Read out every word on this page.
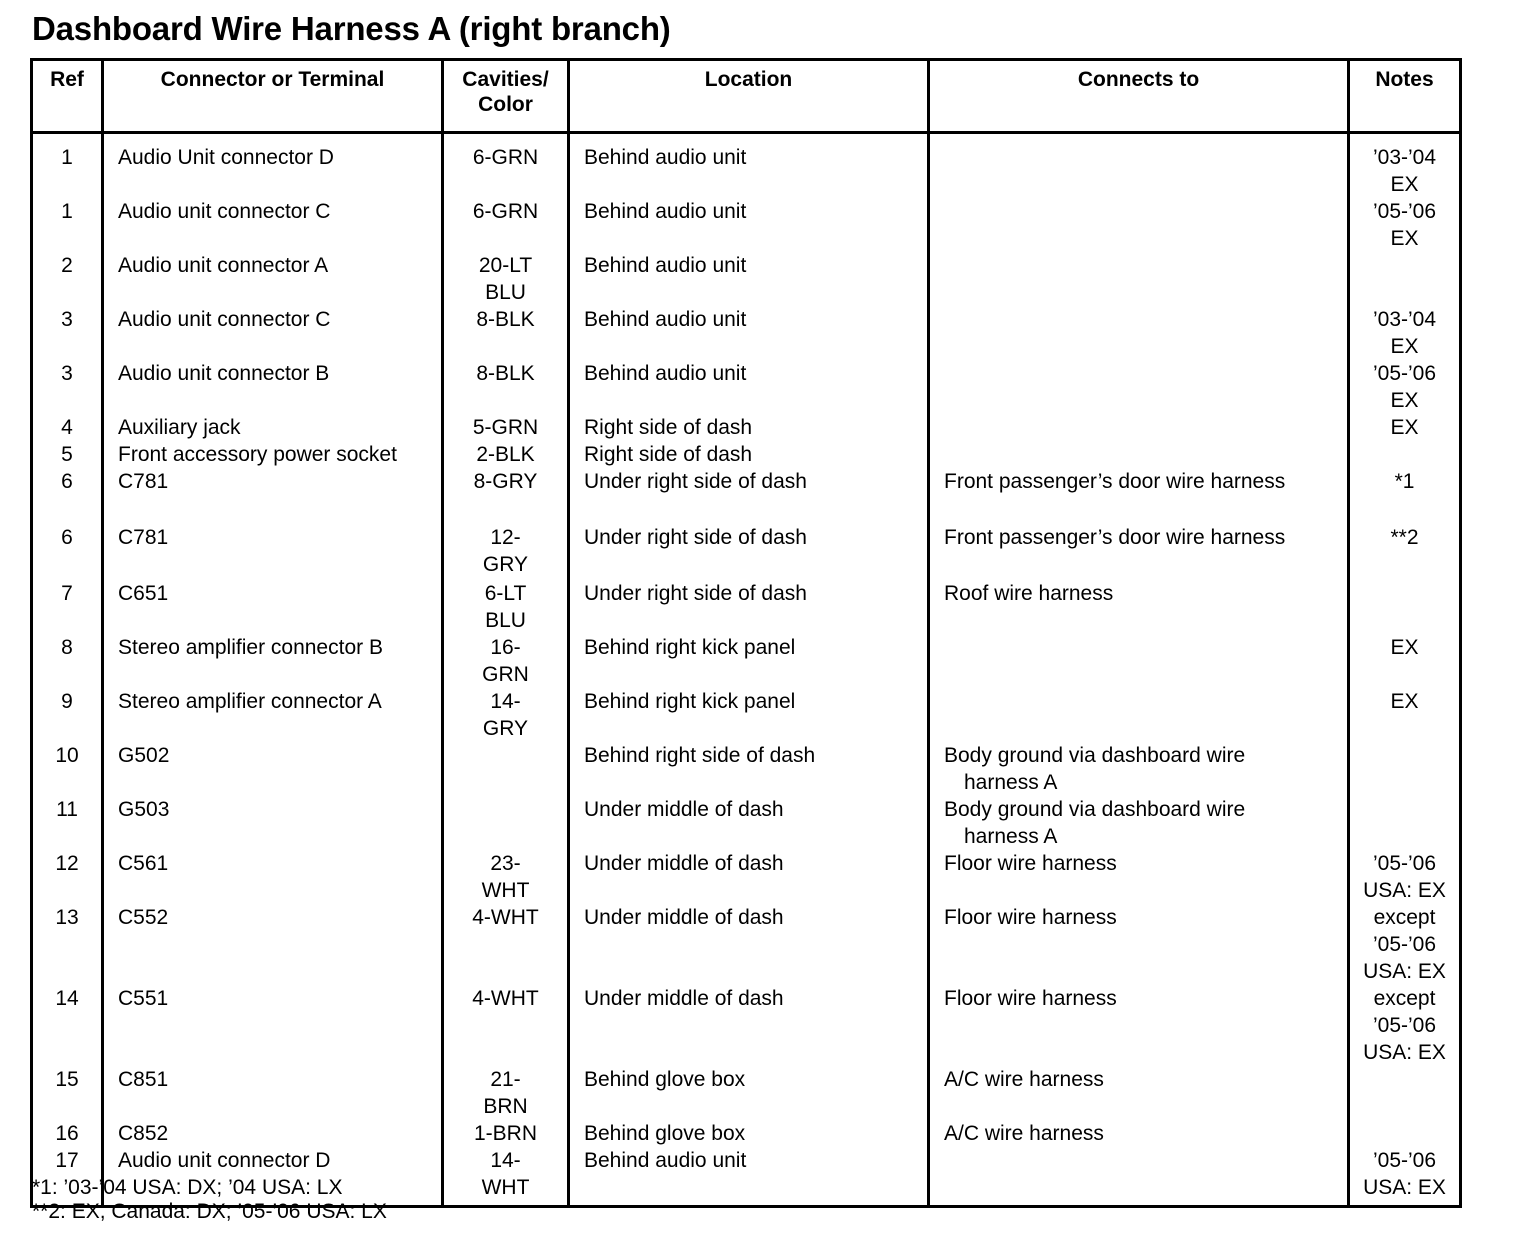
Dashboard Wire Harness A (right branch)
Ref	Connector or Terminal	Cavities/ Color	Location	Connects to	Notes

1	Audio Unit connector D	6-GRN	Behind audio unit		’03-’04 EX

1	Audio unit connector C	6-GRN	Behind audio unit		’05-’06 EX

2	Audio unit connector A	20-LT BLU	Behind audio unit		

3	Audio unit connector C	8-BLK	Behind audio unit		’03-’04 EX

3	Audio unit connector B	8-BLK	Behind audio unit		’05-’06 EX

4	Auxiliary jack	5-GRN	Right side of dash		EX

5	Front accessory power socket	2-BLK	Right side of dash		

6	C781	8-GRY	Under right side of dash	Front passenger’s door wire harness	*1

6	C781	12-GRY	Under right side of dash	Front passenger’s door wire harness	**2

7	C651	6-LT BLU	Under right side of dash	Roof wire harness	

8	Stereo amplifier connector B	16-GRN	Behind right kick panel		EX

9	Stereo amplifier connector A	14-GRY	Behind right kick panel		EX

10	G502		Behind right side of dash	Body ground via dashboard wire
harness A	

11	G503		Under middle of dash	Body ground via dashboard wire
harness A	

12	C561	23-WHT	Under middle of dash	Floor wire harness	’05-’06 USA: EX

13	C552	4-WHT	Under middle of dash	Floor wire harness	except ’05-’06 USA: EX

14	C551	4-WHT	Under middle of dash	Floor wire harness	except ’05-’06 USA: EX

15	C851	21-BRN	Behind glove box	A/C wire harness	

16	C852	1-BRN	Behind glove box	A/C wire harness	

17	Audio unit connector D	14-WHT	Behind audio unit		’05-’06 USA: EX
*1: ’03-’04 USA: DX; ’04 USA: LX
**2: EX, Canada: DX; ’05-’06 USA: LX
